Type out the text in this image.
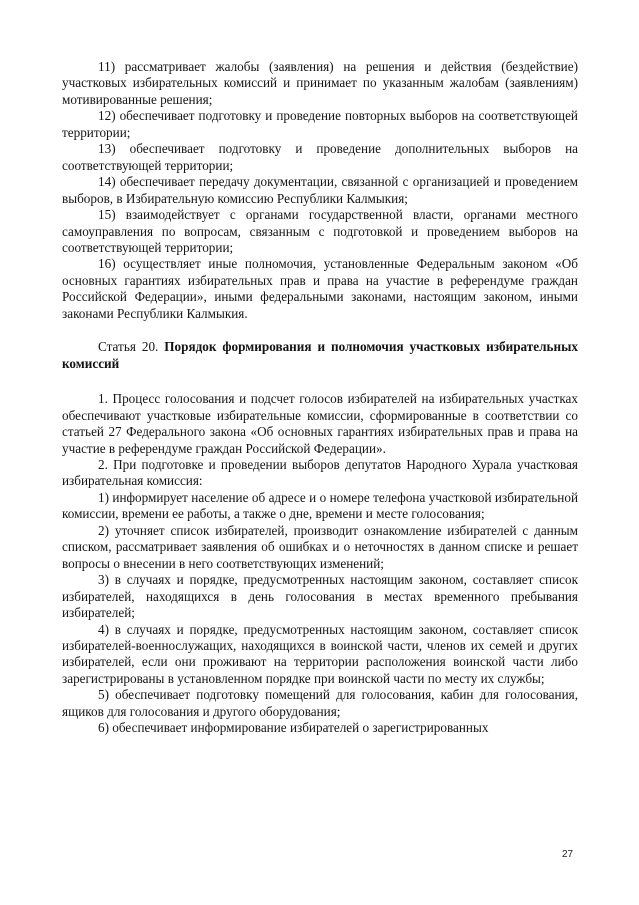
11) рассматривает жалобы (заявления) на решения и действия (бездействие) участковых избирательных комиссий и принимает по указанным жалобам (заявлениям) мотивированные решения;

12) обеспечивает подготовку и проведение повторных выборов на соответствующей территории;

13) обеспечивает подготовку и проведение дополнительных выборов на соответствующей территории;

14) обеспечивает передачу документации, связанной с организацией и проведением выборов, в Избирательную комиссию Республики Калмыкия;

15) взаимодействует с органами государственной власти, органами местного самоуправления по вопросам, связанным с подготовкой и проведением выборов на соответствующей территории;

16) осуществляет иные полномочия, установленные Федеральным законом «Об основных гарантиях избирательных прав и права на участие в референдуме граждан Российской Федерации», иными федеральными законами, настоящим законом, иными законами Республики Калмыкия.

Статья 20. Порядок формирования и полномочия участковых избирательных комиссий

1. Процесс голосования и подсчет голосов избирателей на избирательных участках обеспечивают участковые избирательные комиссии, сформированные в соответствии со статьей 27 Федерального закона «Об основных гарантиях избирательных прав и права на участие в референдуме граждан Российской Федерации».

2. При подготовке и проведении выборов депутатов Народного Хурала участковая избирательная комиссия:

1) информирует население об адресе и о номере телефона участковой избирательной комиссии, времени ее работы, а также о дне, времени и месте голосования;

2) уточняет список избирателей, производит ознакомление избирателей с данным списком, рассматривает заявления об ошибках и о неточностях в данном списке и решает вопросы о внесении в него соответствующих изменений;

3) в случаях и порядке, предусмотренных настоящим законом, составляет список избирателей, находящихся в день голосования в местах временного пребывания избирателей;

4) в случаях и порядке, предусмотренных настоящим законом, составляет список избирателей-военнослужащих, находящихся в воинской части, членов их семей и других избирателей, если они проживают на территории расположения воинской части либо зарегистрированы в установленном порядке при воинской части по месту их службы;

5) обеспечивает подготовку помещений для голосования, кабин для голосования, ящиков для голосования и другого оборудования;

6) обеспечивает информирование избирателей о зарегистрированных

27
